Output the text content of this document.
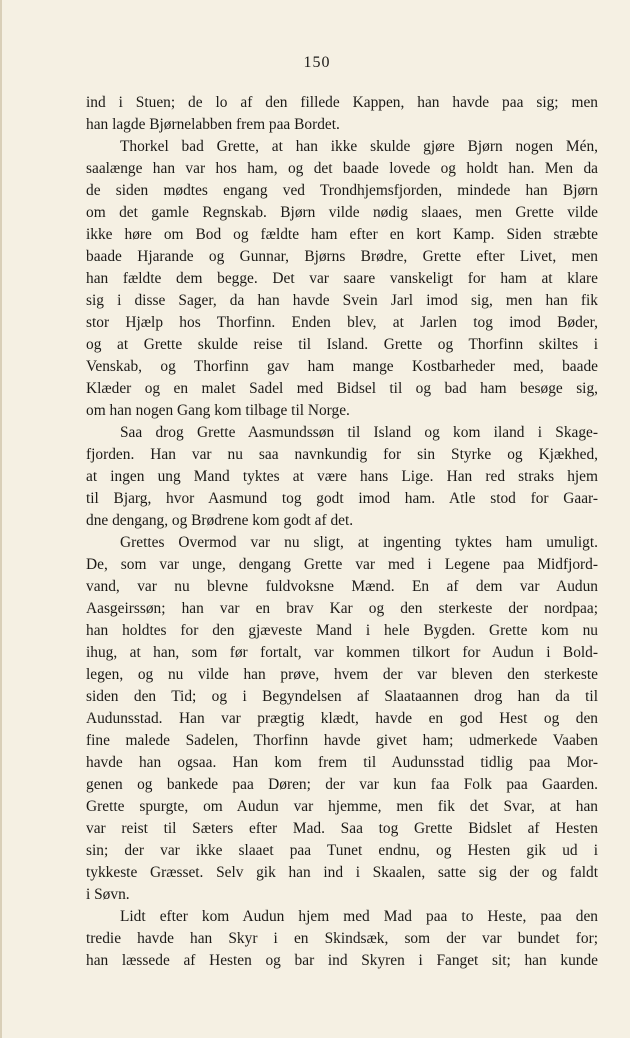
150
ind i Stuen; de lo af den fillede Kappen, han havde paa sig; men
han lagde Bjørnelabben frem paa Bordet.
Thorkel bad Grette, at han ikke skulde gjøre Bjørn nogen Mén,
saalænge han var hos ham, og det baade lovede og holdt han. Men da
de siden mødtes engang ved Trondhjemsfjorden, mindede han Bjørn
om det gamle Regnskab. Bjørn vilde nødig slaaes, men Grette vilde
ikke høre om Bod og fældte ham efter en kort Kamp. Siden stræbte
baade Hjarande og Gunnar, Bjørns Brødre, Grette efter Livet, men
han fældte dem begge. Det var saare vanskeligt for ham at klare
sig i disse Sager, da han havde Svein Jarl imod sig, men han fik
stor Hjælp hos Thorfinn. Enden blev, at Jarlen tog imod Bøder,
og at Grette skulde reise til Island. Grette og Thorfinn skiltes i
Venskab, og Thorfinn gav ham mange Kostbarheder med, baade
Klæder og en malet Sadel med Bidsel til og bad ham besøge sig,
om han nogen Gang kom tilbage til Norge.
Saa drog Grette Aasmundssøn til Island og kom iland i Skage-
fjorden. Han var nu saa navnkundig for sin Styrke og Kjækhed,
at ingen ung Mand tyktes at være hans Lige. Han red straks hjem
til Bjarg, hvor Aasmund tog godt imod ham. Atle stod for Gaar-
dne dengang, og Brødrene kom godt af det.
Grettes Overmod var nu sligt, at ingenting tyktes ham umuligt.
De, som var unge, dengang Grette var med i Legene paa Midfjord-
vand, var nu blevne fuldvoksne Mænd. En af dem var Audun
Aasgeirssøn; han var en brav Kar og den sterkeste der nordpaa;
han holdtes for den gjæveste Mand i hele Bygden. Grette kom nu
ihug, at han, som før fortalt, var kommen tilkort for Audun i Bold-
legen, og nu vilde han prøve, hvem der var bleven den sterkeste
siden den Tid; og i Begyndelsen af Slaataannen drog han da til
Audunsstad. Han var prægtig klædt, havde en god Hest og den
fine malede Sadelen, Thorfinn havde givet ham; udmerkede Vaaben
havde han ogsaa. Han kom frem til Audunsstad tidlig paa Mor-
genen og bankede paa Døren; der var kun faa Folk paa Gaarden.
Grette spurgte, om Audun var hjemme, men fik det Svar, at han
var reist til Sæters efter Mad. Saa tog Grette Bidslet af Hesten
sin; der var ikke slaaet paa Tunet endnu, og Hesten gik ud i
tykkeste Græsset. Selv gik han ind i Skaalen, satte sig der og faldt
i Søvn.
Lidt efter kom Audun hjem med Mad paa to Heste, paa den
tredie havde han Skyr i en Skindsæk, som der var bundet for;
han læssede af Hesten og bar ind Skyren i Fanget sit; han kunde
